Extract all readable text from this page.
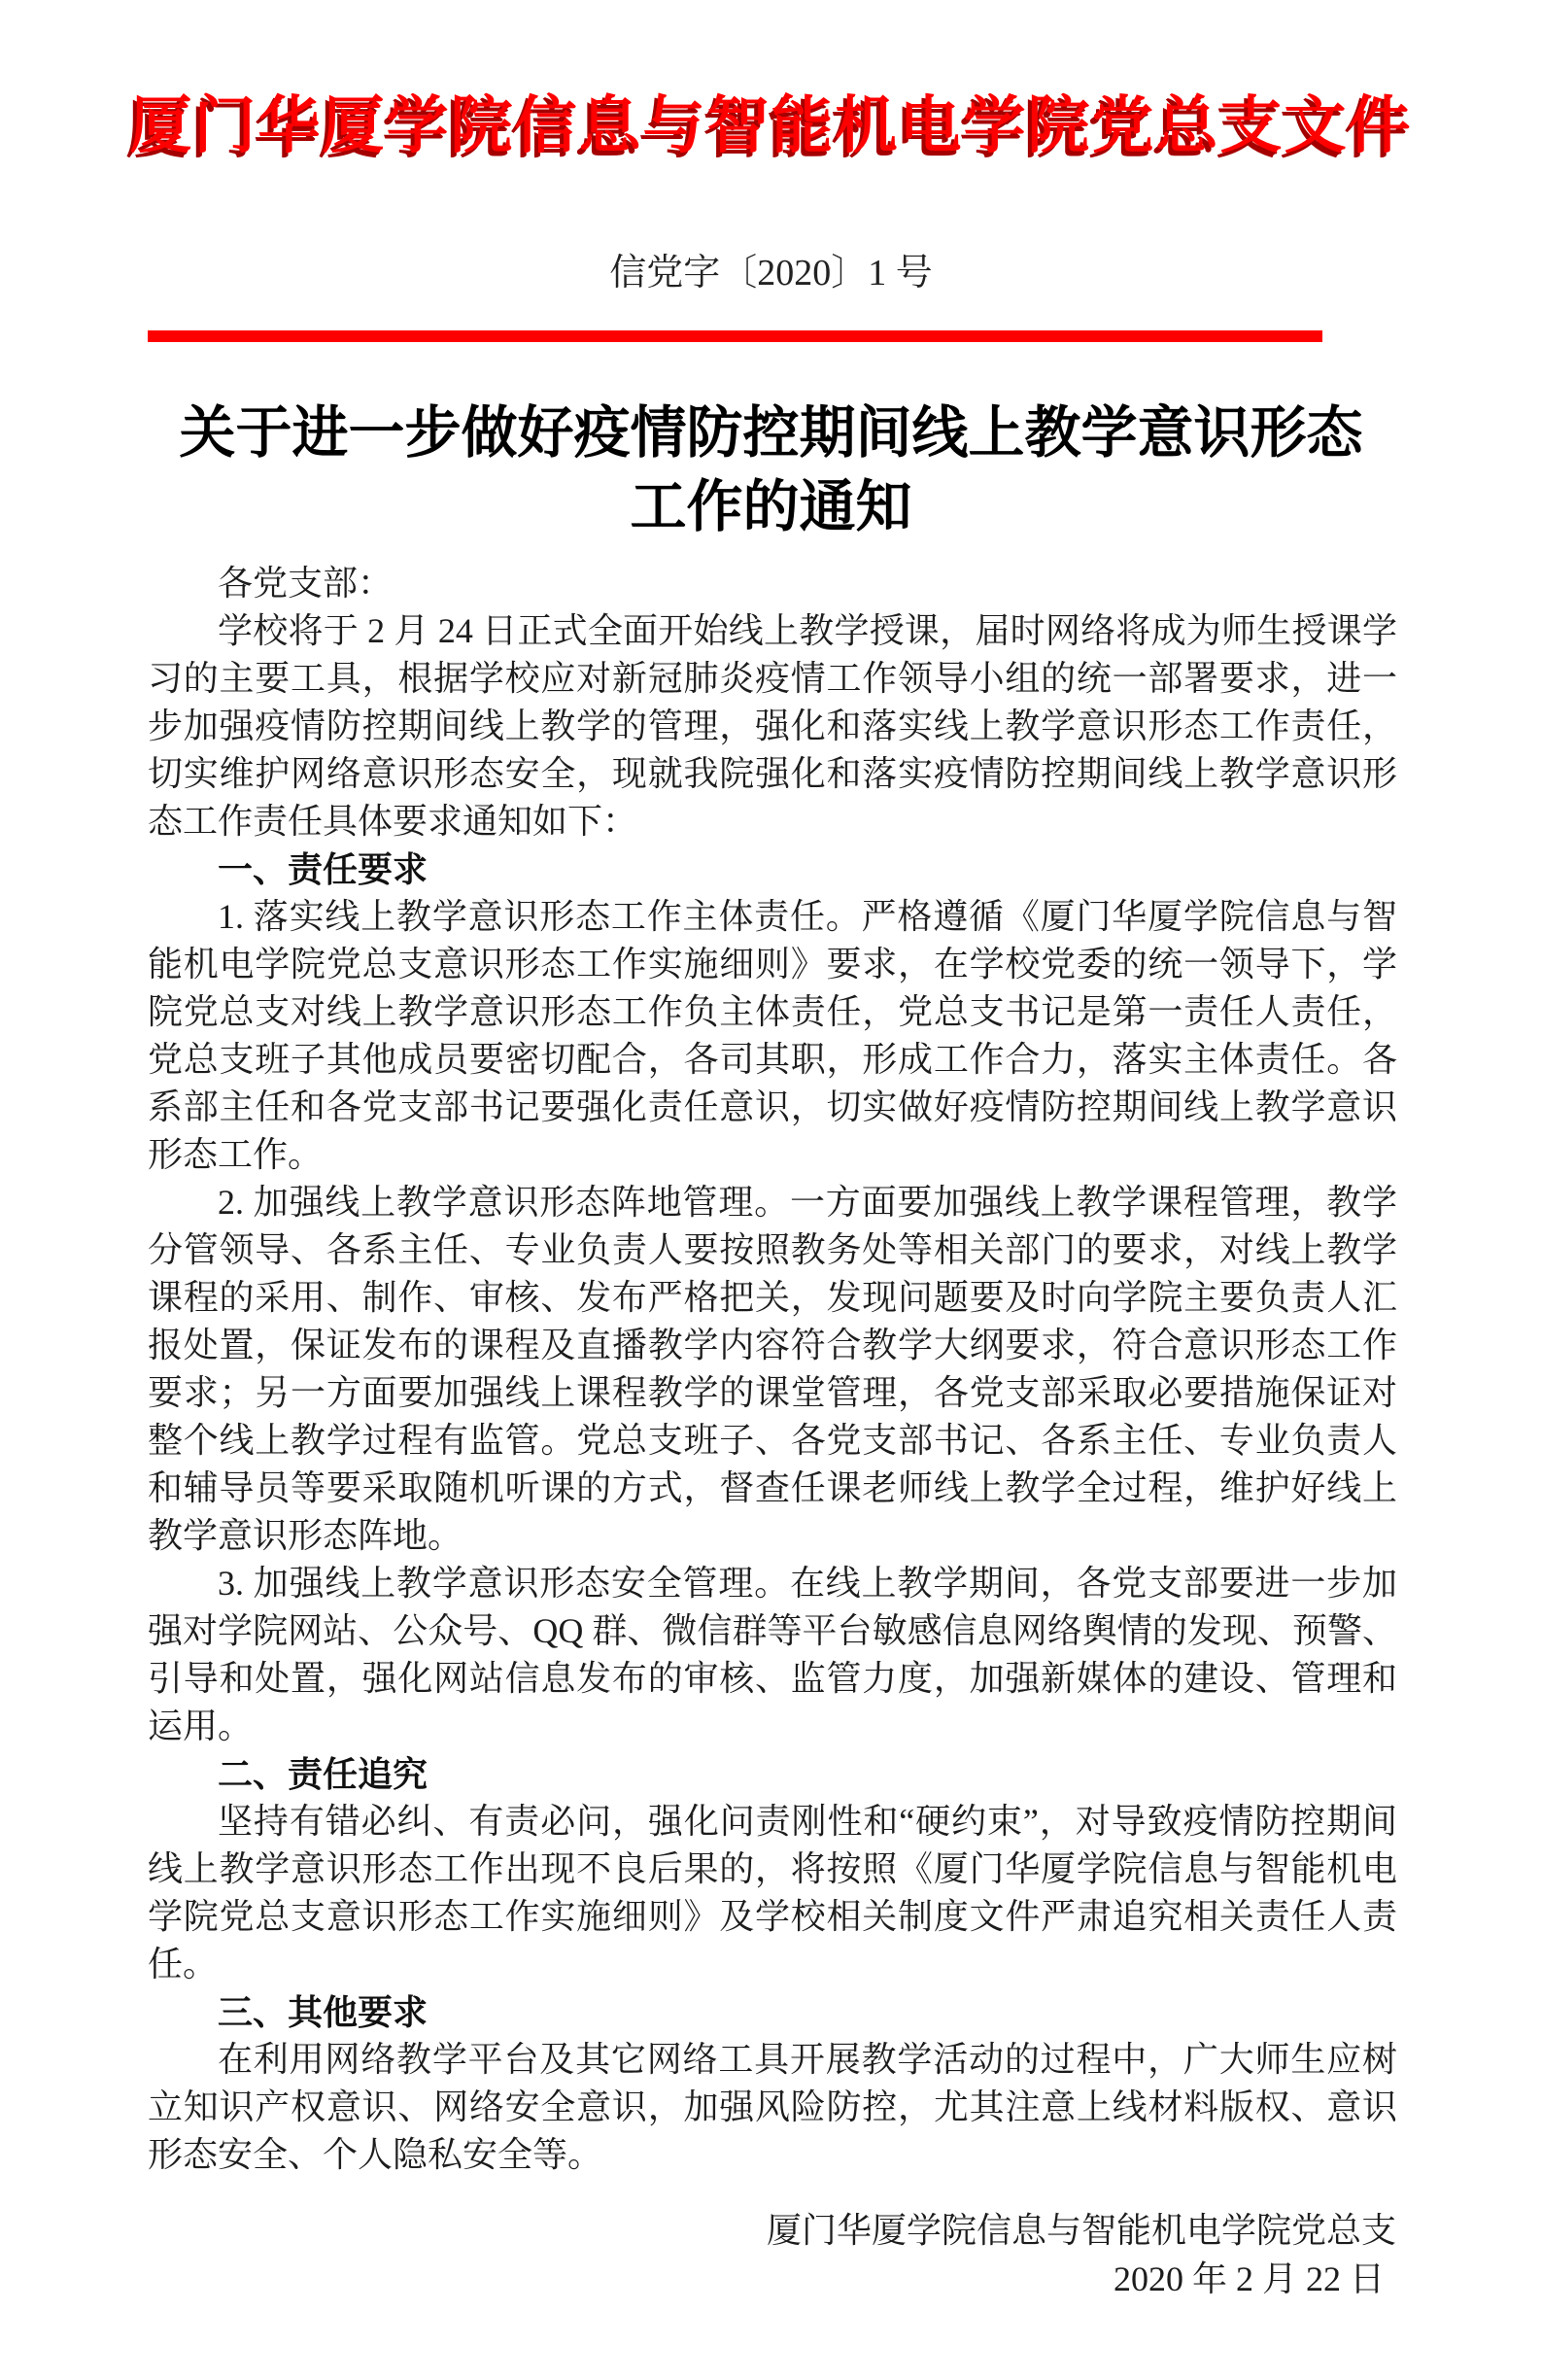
厦门华厦学院信息与智能机电学院党总支文件
信党字〔2020〕1 号
关于进一步做好疫情防控期间线上教学意识形态
工作的通知

各党支部：

学校将于 2 月 24 日正式全面开始线上教学授课，届时网络将成为师生授课学习的主要工具，根据学校应对新冠肺炎疫情工作领导小组的统一部署要求，进一步加强疫情防控期间线上教学的管理，强化和落实线上教学意识形态工作责任，切实维护网络意识形态安全，现就我院强化和落实疫情防控期间线上教学意识形态工作责任具体要求通知如下：

一、责任要求

1. 落实线上教学意识形态工作主体责任。严格遵循《厦门华厦学院信息与智能机电学院党总支意识形态工作实施细则》要求，在学校党委的统一领导下，学院党总支对线上教学意识形态工作负主体责任，党总支书记是第一责任人责任，党总支班子其他成员要密切配合，各司其职，形成工作合力，落实主体责任。各系部主任和各党支部书记要强化责任意识，切实做好疫情防控期间线上教学意识形态工作。

2. 加强线上教学意识形态阵地管理。一方面要加强线上教学课程管理，教学分管领导、各系主任、专业负责人要按照教务处等相关部门的要求，对线上教学课程的采用、制作、审核、发布严格把关，发现问题要及时向学院主要负责人汇报处置，保证发布的课程及直播教学内容符合教学大纲要求，符合意识形态工作要求；另一方面要加强线上课程教学的课堂管理，各党支部采取必要措施保证对整个线上教学过程有监管。党总支班子、各党支部书记、各系主任、专业负责人和辅导员等要采取随机听课的方式，督查任课老师线上教学全过程，维护好线上教学意识形态阵地。

3. 加强线上教学意识形态安全管理。在线上教学期间，各党支部要进一步加强对学院网站、公众号、QQ 群、微信群等平台敏感信息网络舆情的发现、预警、引导和处置，强化网站信息发布的审核、监管力度，加强新媒体的建设、管理和运用。

二、责任追究

坚持有错必纠、有责必问，强化问责刚性和“硬约束”，对导致疫情防控期间线上教学意识形态工作出现不良后果的，将按照《厦门华厦学院信息与智能机电学院党总支意识形态工作实施细则》及学校相关制度文件严肃追究相关责任人责任。

三、其他要求

在利用网络教学平台及其它网络工具开展教学活动的过程中，广大师生应树立知识产权意识、网络安全意识，加强风险防控，尤其注意上线材料版权、意识形态安全、个人隐私安全等。

厦门华厦学院信息与智能机电学院党总支
2020 年 2 月 22 日
